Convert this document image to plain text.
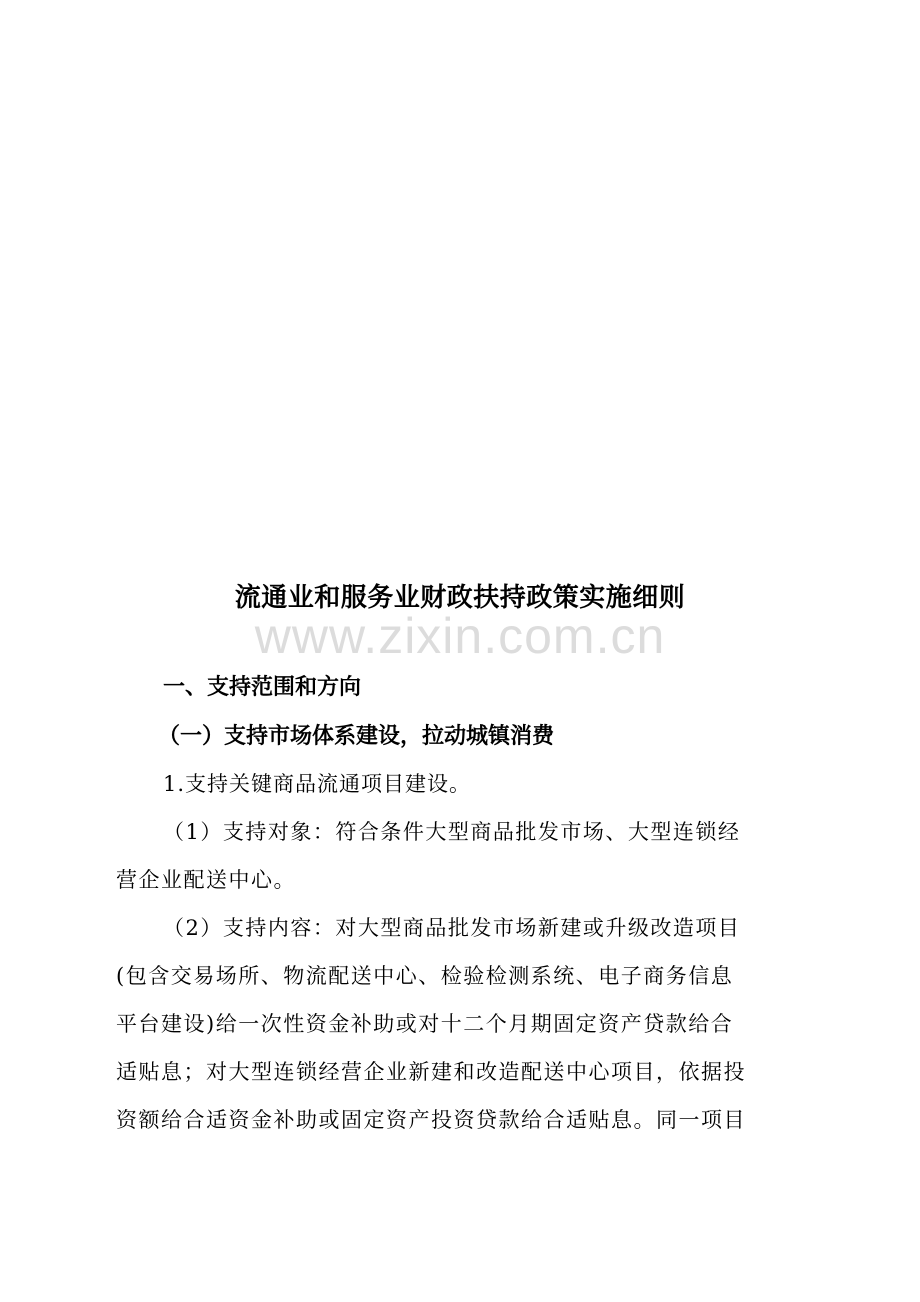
流通业和服务业财政扶持政策实施细则
www.zixin.com.cn
一、支持范围和方向
（一）支持市场体系建设，拉动城镇消费
1.支持关键商品流通项目建设。
（1）支持对象：符合条件大型商品批发市场、大型连锁经
营企业配送中心。
（2）支持内容：对大型商品批发市场新建或升级改造项目
(包含交易场所、物流配送中心、检验检测系统、电子商务信息
平台建设)给一次性资金补助或对十二个月期固定资产贷款给合
适贴息；对大型连锁经营企业新建和改造配送中心项目，依据投
资额给合适资金补助或固定资产投资贷款给合适贴息。同一项目
